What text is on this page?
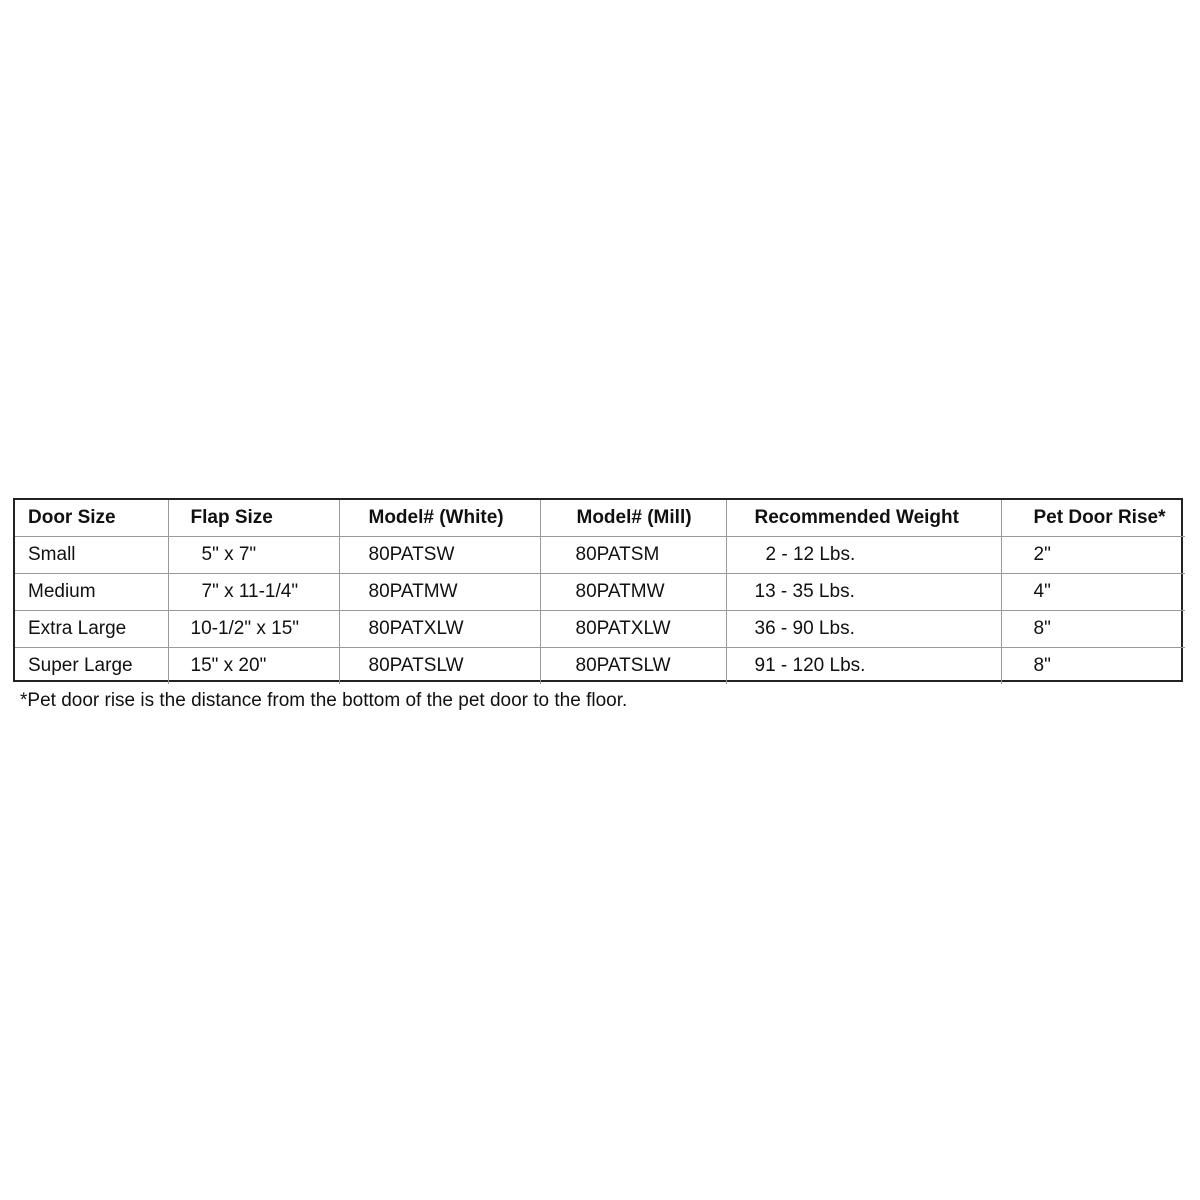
Door Size	Flap Size	Model# (White)	Model# (Mill)	Recommended Weight	Pet Door Rise*
Small	5" x 7"	80PATSW	80PATSM	2 - 12 Lbs.	2"
Medium	7" x 11-1/4"	80PATMW	80PATMW	13 - 35 Lbs.	4"
Extra Large	10-1/2" x 15"	80PATXLW	80PATXLW	36 - 90 Lbs.	8"
Super Large	15" x 20"	80PATSLW	80PATSLW	91 - 120 Lbs.	8"
*Pet door rise is the distance from the bottom of the pet door to the floor.
